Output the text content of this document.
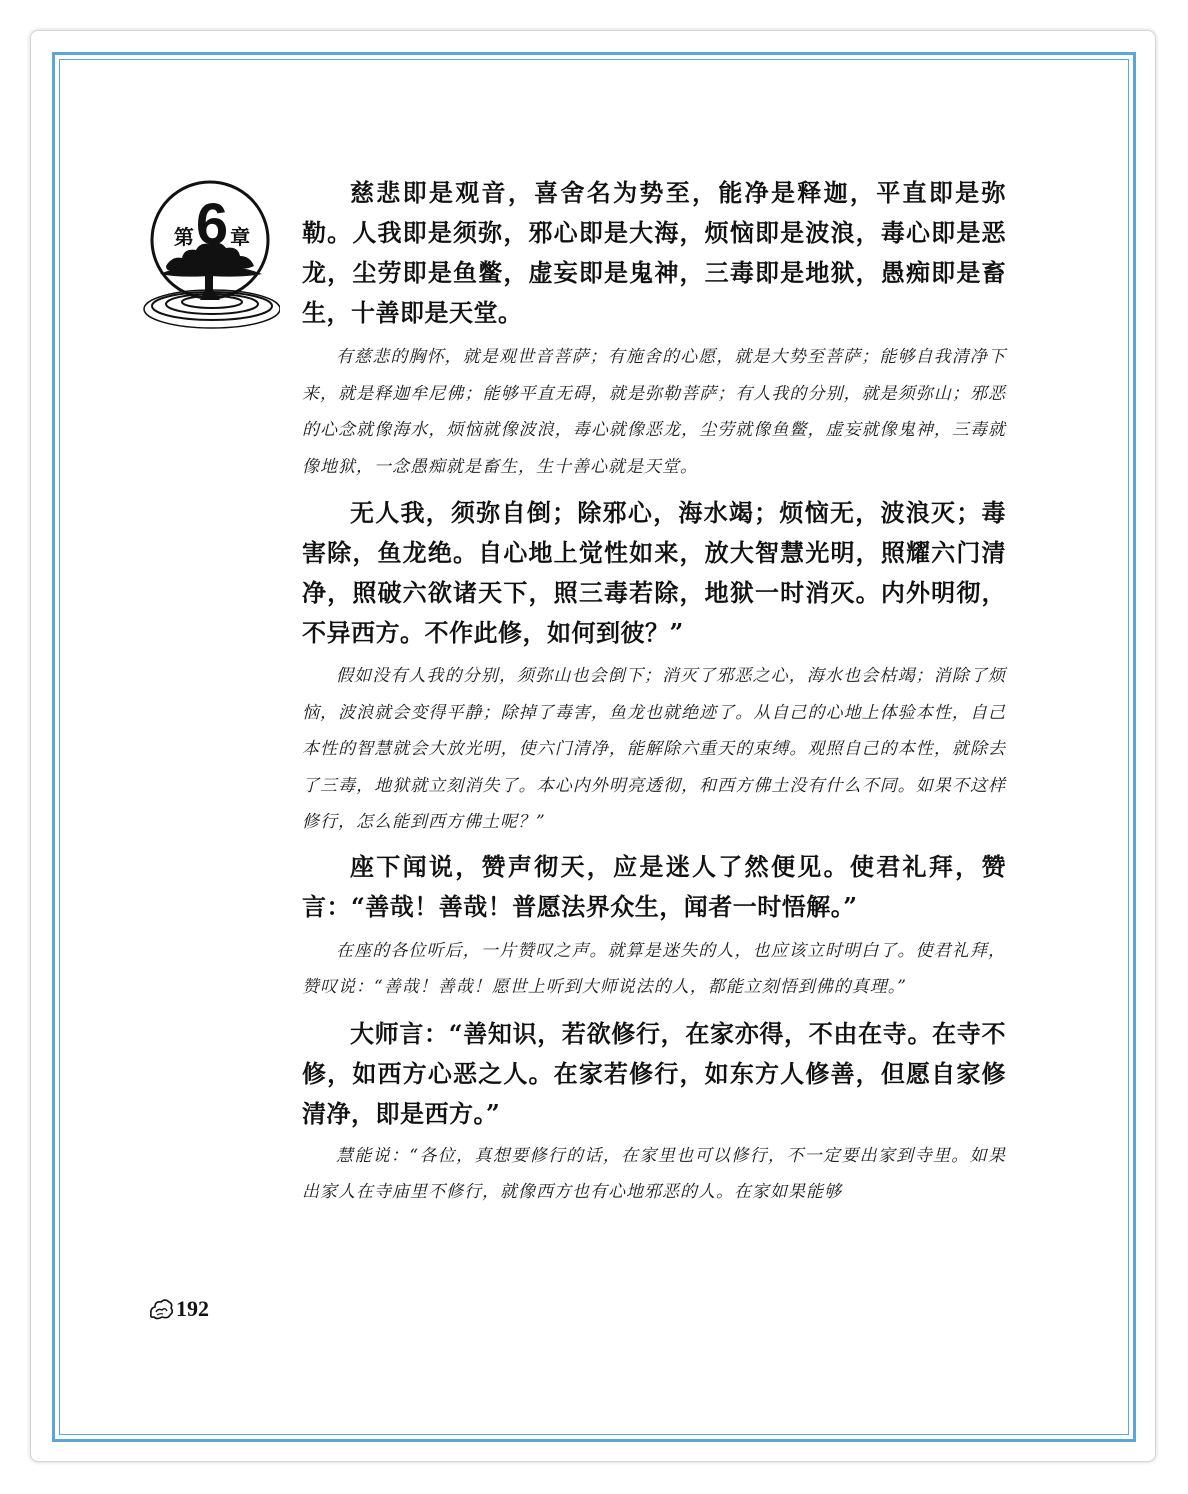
第 6 章

慈悲即是观音，喜舍名为势至，能净是释迦，平直即是弥勒。人我即是须弥，邪心即是大海，烦恼即是波浪，毒心即是恶龙，尘劳即是鱼鳖，虚妄即是鬼神，三毒即是地狱，愚痴即是畜生，十善即是天堂。

有慈悲的胸怀，就是观世音菩萨；有施舍的心愿，就是大势至菩萨；能够自我清净下来，就是释迦牟尼佛；能够平直无碍，就是弥勒菩萨；有人我的分别，就是须弥山；邪恶的心念就像海水，烦恼就像波浪，毒心就像恶龙，尘劳就像鱼鳖，虚妄就像鬼神，三毒就像地狱，一念愚痴就是畜生，生十善心就是天堂。

无人我，须弥自倒；除邪心，海水竭；烦恼无，波浪灭；毒害除，鱼龙绝。自心地上觉性如来，放大智慧光明，照耀六门清净，照破六欲诸天下，照三毒若除，地狱一时消灭。内外明彻，不异西方。不作此修，如何到彼？”

假如没有人我的分别，须弥山也会倒下；消灭了邪恶之心，海水也会枯竭；消除了烦恼，波浪就会变得平静；除掉了毒害，鱼龙也就绝迹了。从自己的心地上体验本性，自己本性的智慧就会大放光明，使六门清净，能解除六重天的束缚。观照自己的本性，就除去了三毒，地狱就立刻消失了。本心内外明亮透彻，和西方佛土没有什么不同。如果不这样修行，怎么能到西方佛土呢？”

座下闻说，赞声彻天，应是迷人了然便见。使君礼拜，赞言：“善哉！善哉！普愿法界众生，闻者一时悟解。”

在座的各位听后，一片赞叹之声。就算是迷失的人，也应该立时明白了。使君礼拜，赞叹说：“善哉！善哉！愿世上听到大师说法的人，都能立刻悟到佛的真理。”

大师言：“善知识，若欲修行，在家亦得，不由在寺。在寺不修，如西方心恶之人。在家若修行，如东方人修善，但愿自家修清净，即是西方。”

慧能说：“各位，真想要修行的话，在家里也可以修行，不一定要出家到寺里。如果出家人在寺庙里不修行，就像西方也有心地邪恶的人。在家如果能够

192
